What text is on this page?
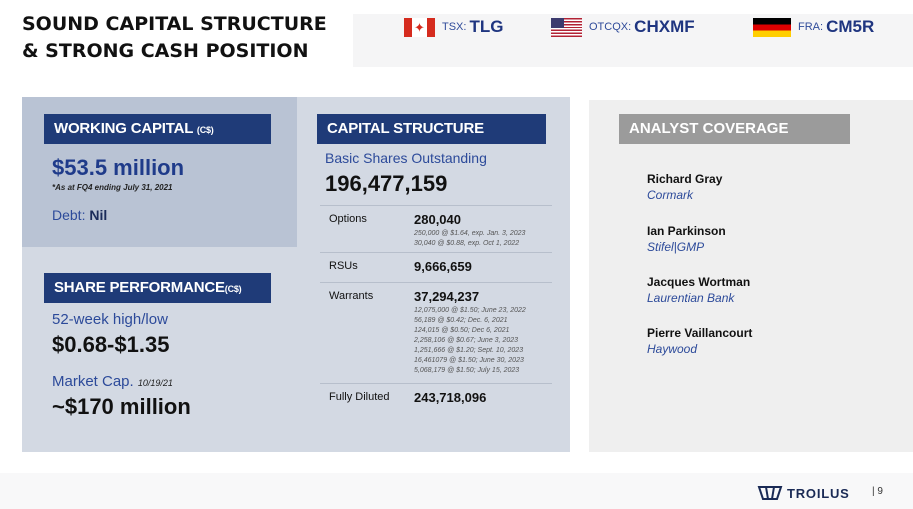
SOUND CAPITAL STRUCTURE
& STRONG CASH POSITION
✦
TSX: TLG	OTCQX: CHXMF	FRA: CM5R
WORKING CAPITAL (C$)
$53.5 million
*As at FQ4 ending July 31, 2021
Debt: Nil
SHARE PERFORMANCE(C$)
52-week high/low
$0.68-$1.35
Market Cap. 10/19/21
~$170 million
CAPITAL STRUCTURE
Basic Shares Outstanding
196,477,159
Options	280,040
250,000 @ $1.64, exp. Jan. 3, 2023
30,040 @ $0.88, exp. Oct 1, 2022
RSUs	9,666,659
Warrants	37,294,237
12,075,000 @ $1.50; June 23, 2022
56,189 @ $0.42; Dec. 6, 2021
124,015 @ $0.50; Dec 6, 2021
2,258,106 @ $0.67; June 3, 2023
1,251,666 @ $1.20; Sept. 10, 2023
16,461079 @ $1.50; June 30, 2023
5,068,179 @ $1.50; July 15, 2023
Fully Diluted 243,718,096
ANALYST COVERAGE
Richard Gray
Cormark
Ian Parkinson
Stifel|GMP
Jacques Wortman
Laurentian Bank
Pierre Vaillancourt
Haywood
TROILUS | 9
